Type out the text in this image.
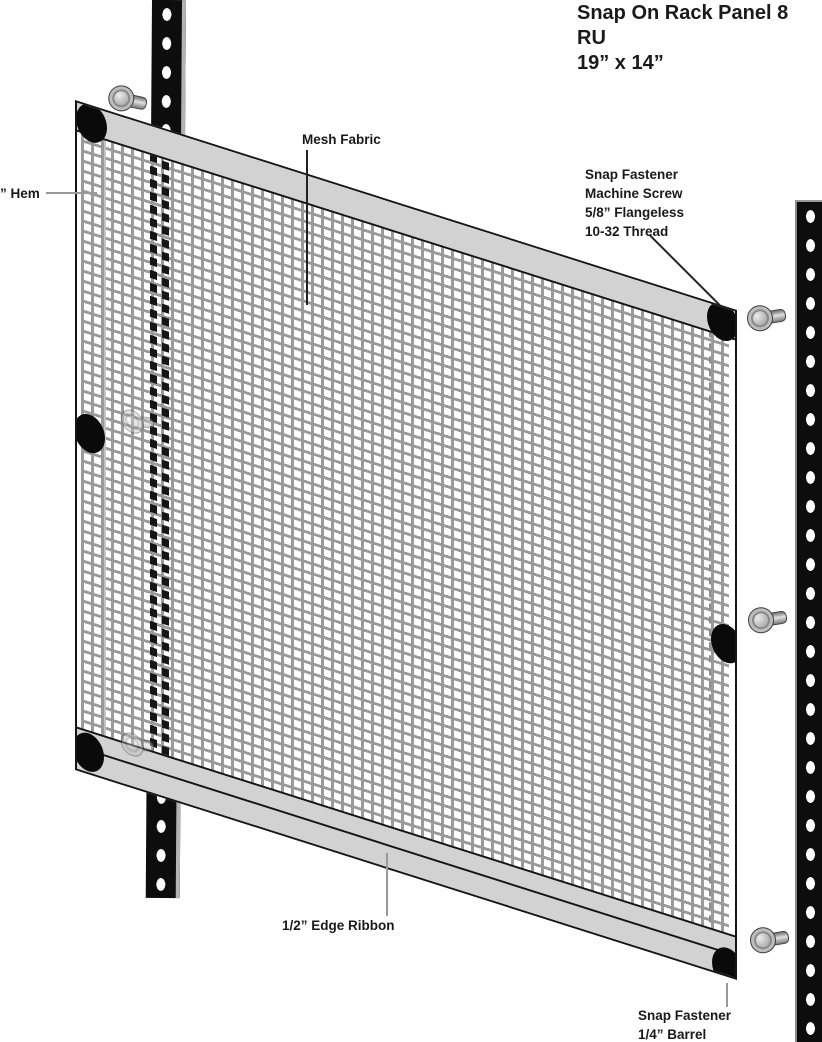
Snap On Rack Panel 8 RU
19” x 14”
” Hem
Mesh Fabric
Snap Fastener
Machine Screw
5/8” Flangeless
10-32 Thread
1/2” Edge Ribbon
Snap Fastener
1/4” Barrel
